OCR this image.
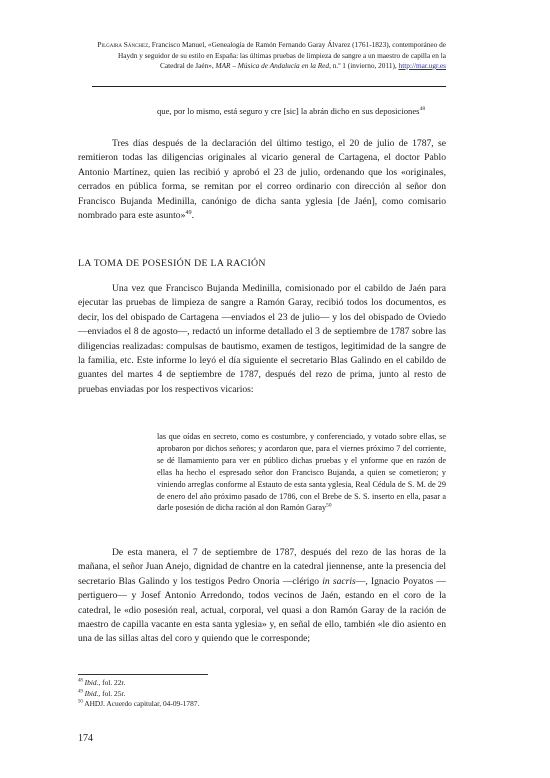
Pilgaira Sánchez, Francisco Manuel, «Genealogía de Ramón Fernando Garay Álvarez (1761-1823), contemporáneo de Haydn y seguidor de su estilo en España: las últimas pruebas de limpieza de sangre a un maestro de capilla en la Catedral de Jaén», MAR – Música de Andalucía en la Red, n.º 1 (invierno, 2011), http://mar.ugr.es
que, por lo mismo, está seguro y cre [sic] la abrán dicho en sus deposiciones$^{48}$

Tres días después de la declaración del último testigo, el 20 de julio de 1787, se remitieron todas las diligencias originales al vicario general de Cartagena, el doctor Pablo Antonio Martínez, quien las recibió y aprobó el 23 de julio, ordenando que los «originales, cerrados en pública forma, se remitan por el correo ordinario con dirección al señor don Francisco Bujanda Medinilla, canónigo de dicha santa yglesia [de Jaén], como comisario nombrado para este asunto»$^{49}$.

LA TOMA DE POSESIÓN DE LA RACIÓN

Una vez que Francisco Bujanda Medinilla, comisionado por el cabildo de Jaén para ejecutar las pruebas de limpieza de sangre a Ramón Garay, recibió todos los documentos, es decir, los del obispado de Cartagena —enviados el 23 de julio— y los del obispado de Oviedo —enviados el 8 de agosto—, redactó un informe detallado el 3 de septiembre de 1787 sobre las diligencias realizadas: compulsas de bautismo, examen de testigos, legitimidad de la sangre de la familia, etc. Este informe lo leyó el día siguiente el secretario Blas Galindo en el cabildo de guantes del martes 4 de septiembre de 1787, después del rezo de prima, junto al resto de pruebas enviadas por los respectivos vicarios:

las que oídas en secreto, como es costumbre, y conferenciado, y votado sobre ellas, se aprobaron por dichos señores; y acordaron que, para el viernes próximo 7 del corriente, se dé llamamiento para ver en público dichas pruebas y el ynforme que en razón de ellas ha hecho el espresado señor don Francisco Bujanda, a quien se cometieron; y viniendo arreglas conforme al Estauto de esta santa yglesia, Real Cédula de S. M. de 29 de enero del año próximo pasado de 1786, con el Brebe de S. S. inserto en ella, pasar a darle posesión de dicha ración al don Ramón Garay$^{50}$

De esta manera, el 7 de septiembre de 1787, después del rezo de las horas de la mañana, el señor Juan Anejo, dignidad de chantre en la catedral jiennense, ante la presencia del secretario Blas Galindo y los testigos Pedro Onoria —clérigo in sacris—, Ignacio Poyatos —pertiguero— y Josef Antonio Arredondo, todos vecinos de Jaén, estando en el coro de la catedral, le «dio posesión real, actual, corporal, vel quasi a don Ramón Garay de la ración de maestro de capilla vacante en esta santa yglesia» y, en señal de ello, también «le dio asiento en una de las sillas altas del coro y quiendo que le corresponde;

$^{48}$ Ibid., fol. 22r.
$^{49}$ Ibid., fol. 25r.
$^{50}$ AHDJ. Acuerdo capitular, 04-09-1787.
174
